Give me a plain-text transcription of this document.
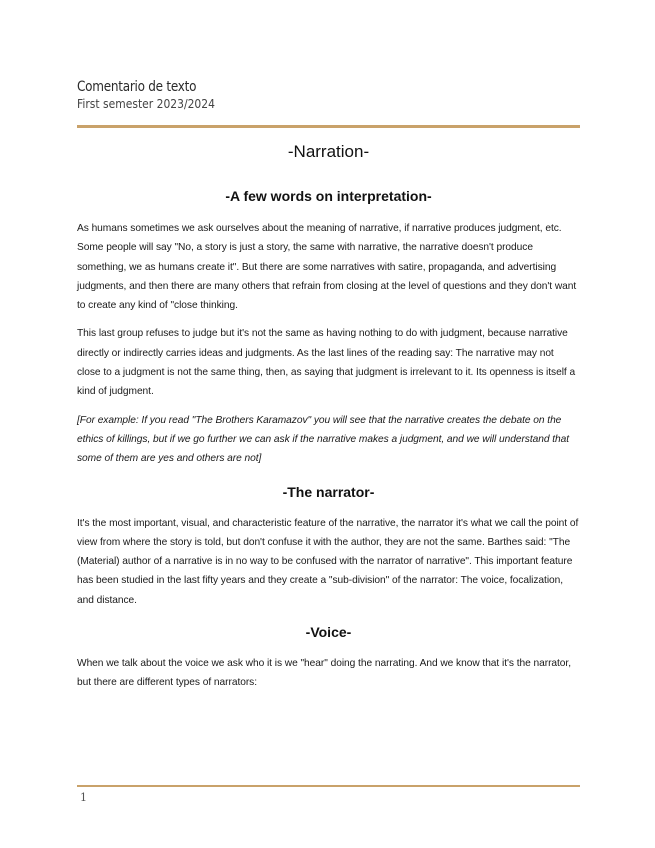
Comentario de texto
First semester 2023/2024
-Narration-
-A few words on interpretation-

As humans sometimes we ask ourselves about the meaning of narrative, if narrative produces judgment, etc. Some people will say "No, a story is just a story, the same with narrative, the narrative doesn't produce something, we as humans create it". But there are some narratives with satire, propaganda, and advertising judgments, and then there are many others that refrain from closing at the level of questions and they don't want to create any kind of "close thinking.

This last group refuses to judge but it's not the same as having nothing to do with judgment, because narrative directly or indirectly carries ideas and judgments. As the last lines of the reading say: The narrative may not close to a judgment is not the same thing, then, as saying that judgment is irrelevant to it. Its openness is itself a kind of judgment.

[For example: If you read "The Brothers Karamazov" you will see that the narrative creates the debate on the ethics of killings, but if we go further we can ask if the narrative makes a judgment, and we will understand that some of them are yes and others are not]

-The narrator-

It's the most important, visual, and characteristic feature of the narrative, the narrator it's what we call the point of view from where the story is told, but don't confuse it with the author, they are not the same. Barthes said: "The (Material) author of a narrative is in no way to be confused with the narrator of narrative". This important feature has been studied in the last fifty years and they create a "sub-division" of the narrator: The voice, focalization, and distance.

-Voice-

When we talk about the voice we ask who it is we "hear" doing the narrating. And we know that it's the narrator, but there are different types of narrators:

1
